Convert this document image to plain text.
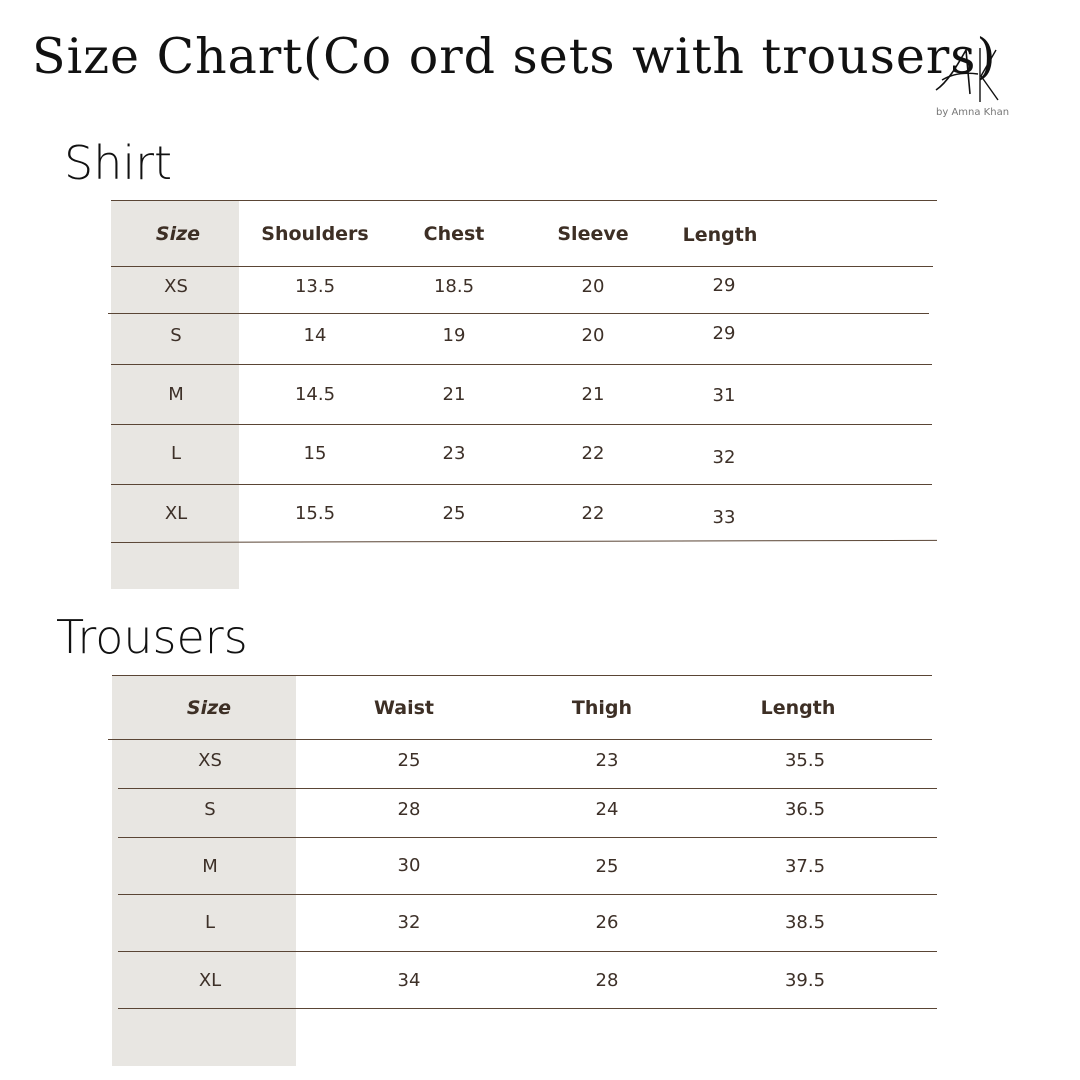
Size Chart(Co ord sets with trousers)
by Amna Khan
Shirt
Size	Shoulders	Chest	Sleeve	Length
XS	13.5	18.5	20	29
S	14	19	20	29
M	14.5	21	21	31
L	15	23	22	32
XL	15.5	25	22	33
Trousers
Size	Waist	Thigh	Length
XS	25	23	35.5
S	28	24	36.5
M	30	25	37.5
L	32	26	38.5
XL	34	28	39.5
